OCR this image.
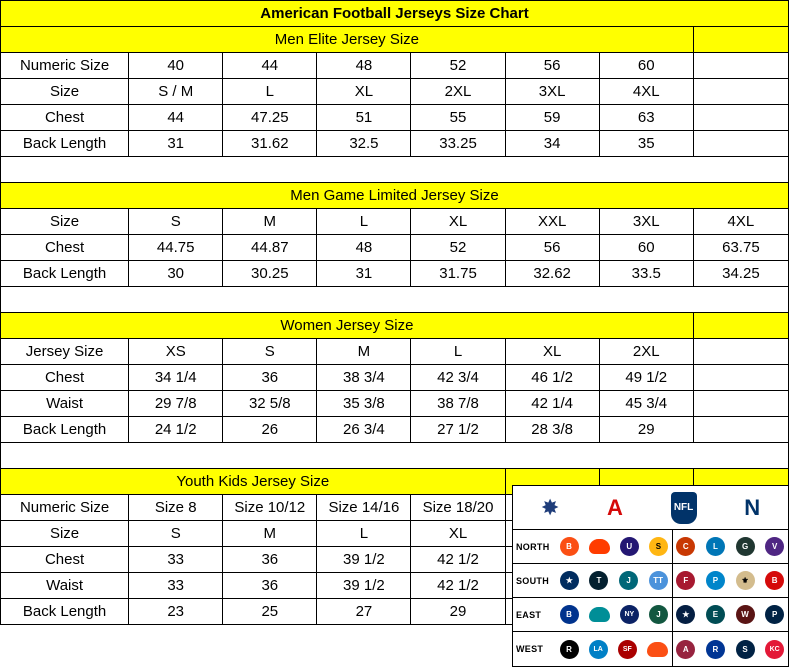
American Football Jerseys Size Chart							
Men Elite Jersey Size							
Numeric Size	40	44	48	52	56	60	
Size	S / M	L	XL	2XL	3XL	4XL	
Chest	44	47.25	51	55	59	63	
Back Length	31	31.62	32.5	33.25	34	35	

Men Game Limited Jersey Size							
Size	S	M	L	XL	XXL	3XL	4XL
Chest	44.75	44.87	48	52	56	60	63.75
Back Length	30	30.25	31	31.75	32.62	33.5	34.25

Women Jersey Size							
Jersey Size	XS	S	M	L	XL	2XL	
Chest	34 1/4	36	38 3/4	42 3/4	46 1/2	49 1/2	
Waist	29 7/8	32 5/8	35 3/8	38 7/8	42 1/4	45 3/4	
Back Length	24 1/2	26	26 3/4	27 1/2	28 3/8	29	

Youth Kids Jersey Size							
Numeric Size	Size 8	Size 10/12	Size 14/16	Size 18/20			
Size	S	M	L	XL			
Chest	33	36	39 1/2	42 1/2			
Waist	33	36	39 1/2	42 1/2			
Back Length	23	25	27	29			
✸ A	NFL N
NORTH	B	U	S	C	L	G	V
SOUTH	★	T	J	TT	F	P	⚜	B
EAST	B	NY	J	★	E	W	P
WEST	R	LA	SF	A	R	S	KC
